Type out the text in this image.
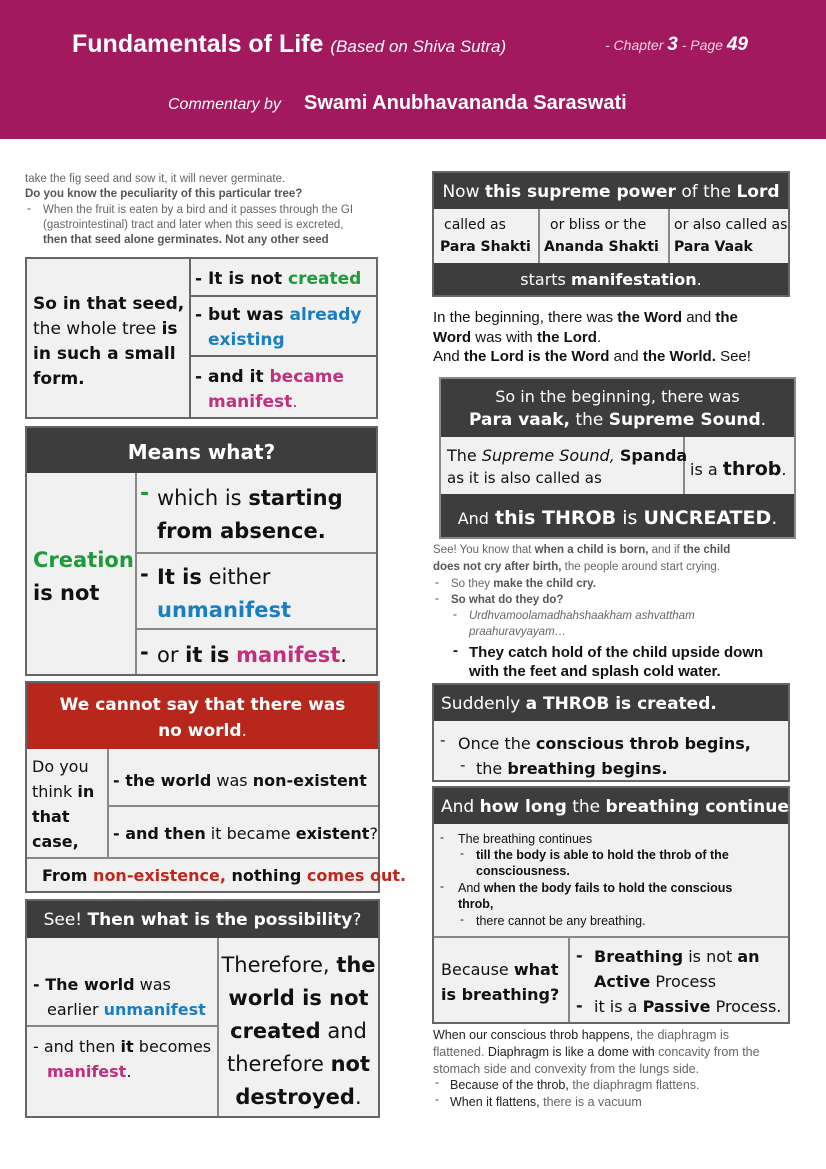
Fundamentals of Life (Based on Shiva Sutra)	- Chapter 3 - Page 49
Commentary by Swami Anubhavananda Saraswati
take the fig seed and sow it, it will never germinate.
Do you know the peculiarity of this particular tree?
- When the fruit is eaten by a bird and it passes through the GI
(gastrointestinal) tract and later when this seed is excreted,
then that seed alone germinates. Not any other seed
So in that seed,
the whole tree is
in such a small
form.
- It is not created
- but was already
existing
- and it became
manifest.
Means what?
Creation
is not
- which is starting
from absence.
- It is either
unmanifest
- or it is manifest.
We cannot say that there was
no world.
Do you
think in
that
case,
- the world was non-existent
- and then it became existent?
From non-existence, nothing comes out.
See! Then what is the possibility?
- The world was
earlier unmanifest
- and then it becomes
manifest.
Therefore, the
world is not
created and
therefore not
destroyed.
Now this supreme power of the Lord
called as
Para Shakti
or bliss or the
Ananda Shakti
or also called as
Para Vaak
starts manifestation.
In the beginning, there was the Word and the
Word was with the Lord.
And the Lord is the Word and the World. See!
So in the beginning, there was
Para vaak, the Supreme Sound.
The Supreme Sound, Spanda
as it is also called as	is a throb.
And this THROB is UNCREATED.
See! You know that when a child is born, and if the child
does not cry after birth, the people around start crying.
- So they make the child cry.
- So what do they do?
- Urdhvamoolamadhahshaakham ashvattham
praahuravyayam…
- They catch hold of the child upside down
with the feet and splash cold water.
Suddenly a THROB is created.
- Once the conscious throb begins,
- the breathing begins.
And how long the breathing continues?
- The breathing continues
- till the body is able to hold the throb of the
consciousness.
- And when the body fails to hold the conscious
throb,
- there cannot be any breathing.
Because what
is breathing?
- Breathing is not an
Active Process
- it is a Passive Process.
When our conscious throb happens, the diaphragm is
flattened. Diaphragm is like a dome with concavity from the
stomach side and convexity from the lungs side.
- Because of the throb, the diaphragm flattens.
- When it flattens, there is a vacuum
